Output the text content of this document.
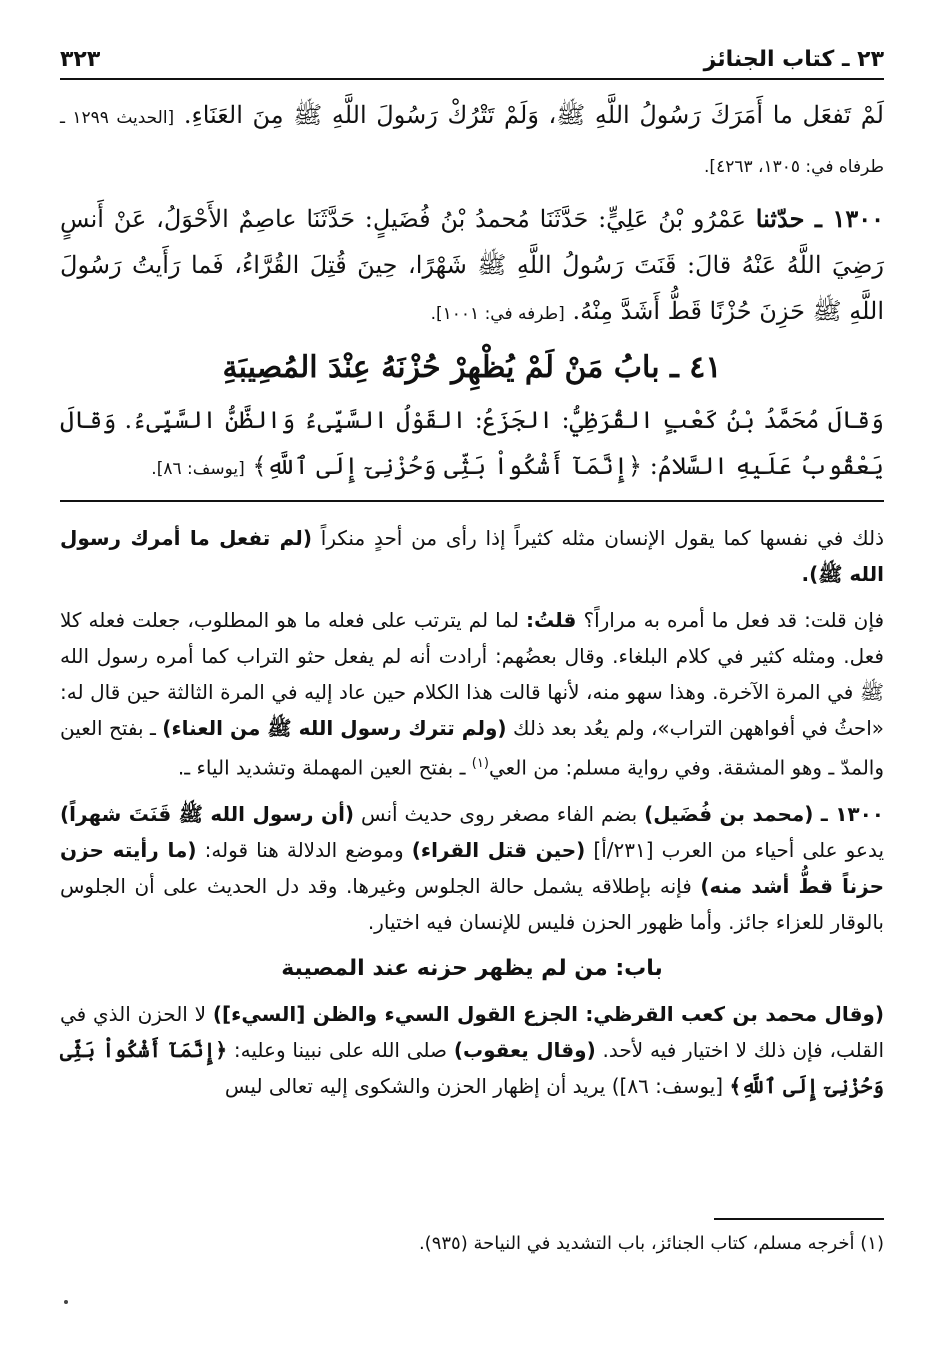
٢٣ ـ كتاب الجنائز
٣٢٣

لَمْ تَفعَل ما أَمَرَكَ رَسُولُ اللَّهِ ﷺ، وَلَمْ تَتْرُكْ رَسُولَ اللَّهِ ﷺ مِنَ العَنَاءِ. [الحديث ١٢٩٩ ـ طرفاه في: ١٣٠٥، ٤٢٦٣].

١٣٠٠ ـ حدّثنا عَمْرُو بْنُ عَلِيٍّ: حَدَّثَنَا مُحمدُ بْنُ فُضَيلٍ: حَدَّثَنَا عاصِمٌ الأَحْوَلُ، عَنْ أَنسٍ رَضِيَ اللَّهُ عَنْهُ قالَ: قَنَتَ رَسُولُ اللَّهِ ﷺ شَهْرًا، حِينَ قُتِلَ القُرَّاءُ، فَما رَأَيتُ رَسُولَ اللَّهِ ﷺ حَزِنَ حُزْنًا قَطُّ أَشَدَّ مِنْهُ. [طرفه في: ١٠٠١].

٤١ ـ بابُ مَنْ لَمْ يُظْهِرْ حُزْنَهُ عِنْدَ المُصِيبَةِ

وَقالَ مُحَمَّدُ بْنُ كَعْبٍ القُرَظِيُّ: الجَزَعُ: القَوْلُ السَّيِّىءُ وَالظَّنُّ السَّيِّىءُ. وَقالَ يَعْقُوبُ عَلَيهِ السَّلامُ: ﴿إِنَّمَآ أَشْكُواْ بَثِّى وَحُزْنِىٓ إِلَى ٱللَّهِ﴾ [يوسف: ٨٦].

ذلك في نفسها كما يقول الإنسان مثله كثيراً إذا رأى من أحدٍ منكراً (لم تفعل ما أمرك رسول الله ﷺ).

فإن قلت: قد فعل ما أمره به مراراً؟ قلتُ: لما لم يترتب على فعله ما هو المطلوب، جعلت فعله كلا فعل. ومثله كثير في كلام البلغاء. وقال بعضُهم: أرادت أنه لم يفعل حثو التراب كما أمره رسول الله ﷺ في المرة الآخرة. وهذا سهو منه، لأنها قالت هذا الكلام حين عاد إليه في المرة الثالثة حين قال له: «احثُ في أفواههن التراب»، ولم يعُد بعد ذلك (ولم تترك رسول الله ﷺ من العناء) ـ بفتح العين والمدّ ـ وهو المشقة. وفي رواية مسلم: من العي$^{(١)}$ ـ بفتح العين المهملة وتشديد الياء ـ.

١٣٠٠ ـ (محمد بن فُضَيل) بضم الفاء مصغر روى حديث أنس (أن رسول الله ﷺ قَنَتَ شهراً) يدعو على أحياء من العرب [٢٣١/أ] (حين قتل القراء) وموضع الدلالة هنا قوله: (ما رأيته حزن حزناً قطُّ أشد منه) فإنه بإطلاقه يشمل حالة الجلوس وغيرها. وقد دل الحديث على أن الجلوس بالوقار للعزاء جائز. وأما ظهور الحزن فليس للإنسان فيه اختيار.

باب: من لم يظهر حزنه عند المصيبة

(وقال محمد بن كعب القرظي: الجزع القول السيء والظن [السيء]) لا الحزن الذي في القلب، فإن ذلك لا اختيار فيه لأحد. (وقال يعقوب) صلى الله على نبينا وعليه: ﴿إِنَّمَآ أَشْكُواْ بَثِّى وَحُزْنِىٓ إِلَى ٱللَّهِ﴾ [يوسف: ٨٦]) يريد أن إظهار الحزن والشكوى إليه تعالى ليس

(١) أخرجه مسلم، كتاب الجنائز، باب التشديد في النياحة (٩٣٥).
